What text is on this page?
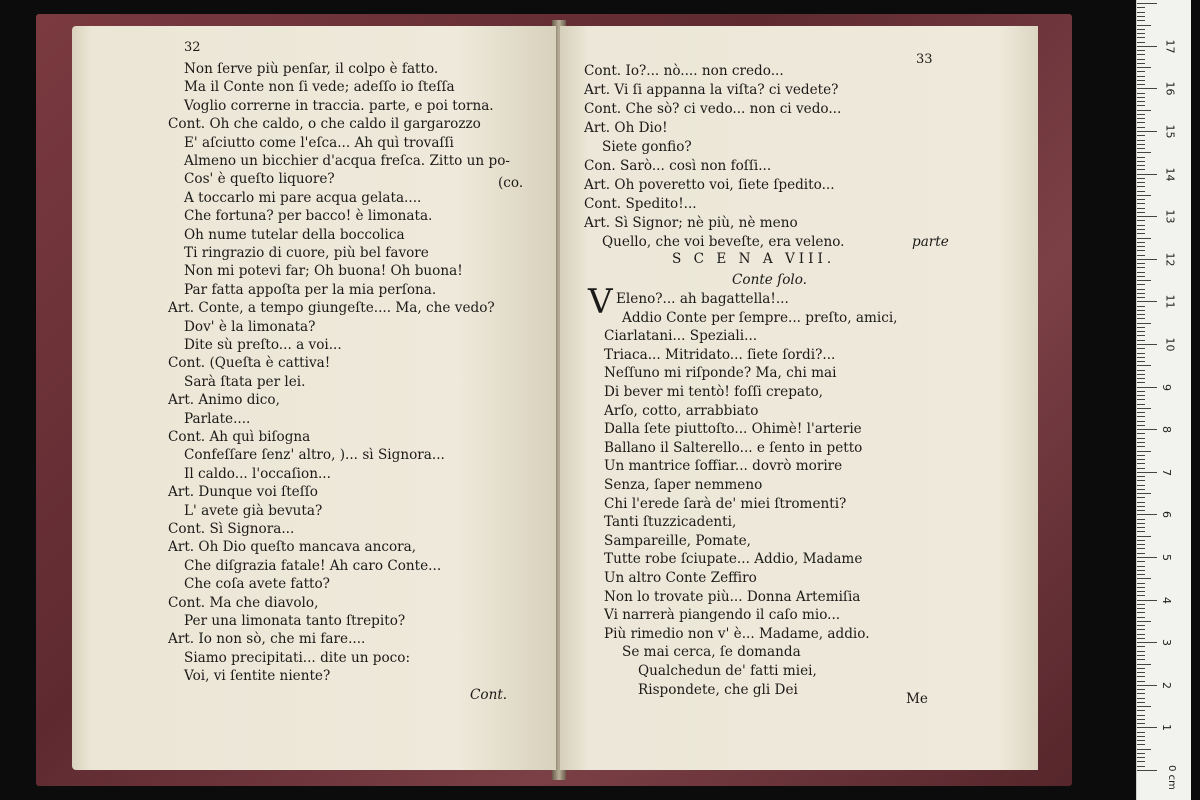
32
Non ſerve più penſar, il colpo è fatto.
Ma il Conte non ſi vede; adeſſo io ſteſſa
Voglio correrne in traccia. parte, e poi torna.
Cont. Oh che caldo, o che caldo il gargarozzo
E' aſciutto come l'eſca... Ah quì trovaſſi
Almeno un bicchier d'acqua freſca. Zitto un po-
Cos' è queſto liquore?
A toccarlo mi pare acqua gelata....
Che fortuna? per bacco! è limonata.
Oh nume tutelar della boccolica
Ti ringrazio di cuore, più bel favore
Non mi potevi far; Oh buona! Oh buona!
Par fatta appoſta per la mia perſona.
Art. Conte, a tempo giungeſte.... Ma, che vedo?
Dov' è la limonata?
Dite sù preſto... a voi...
Cont. (Queſta è cattiva!
Sarà ſtata per lei.
Art. Animo dico,
Parlate....
Cont. Ah quì biſogna
Confeſſare ſenz' altro, )... sì Signora...
Il caldo... l'occaſion...
Art. Dunque voi ſteſſo
L' avete già bevuta?
Cont. Sì Signora...
Art. Oh Dio queſto mancava ancora,
Che diſgrazia fatale! Ah caro Conte...
Che coſa avete fatto?
Cont. Ma che diavolo,
Per una limonata tanto ſtrepito?
Art. Io non sò, che mi fare....
Siamo precipitati... dite un poco:
Voi, vi ſentite niente?
(co.
Cont.
33
Cont. Io?... nò.... non credo...
Art. Vi ſi appanna la viſta? ci vedete?
Cont. Che sò? ci vedo... non ci vedo...
Art. Oh Dio!
Siete gonfio?
Con. Sarò... così non foſſi...
Art. Oh poveretto voi, ſiete ſpedito...
Cont. Spedito!...
Art. Sì Signor; nè più, nè meno
Quello, che voi beveſte, era veleno.	parte
S C E N A VIII.
Conte ſolo.
V Eleno?... ah bagattella!...
Addio Conte per ſempre... preſto, amici,
Ciarlatani... Speziali...
Triaca... Mitridato... ſiete ſordi?...
Neſſuno mi riſponde? Ma, chi mai
Di bever mi tentò! foſſi crepato,
Arſo, cotto, arrabbiato
Dalla ſete piuttoſto... Ohimè! l'arterie
Ballano il Salterello... e ſento in petto
Un mantrice ſoffiar... dovrò morire
Senza, ſaper nemmeno
Chi l'erede ſarà de' miei ſtromenti?
Tanti ſtuzzicadenti,
Sampareille, Pomate,
Tutte robe ſciupate... Addio, Madame
Un altro Conte Zeffiro
Non lo trovate più... Donna Artemiſia
Vi narrerà piangendo il caſo mio...
Più rimedio non v' è... Madame, addio.
Se mai cerca, ſe domanda
Qualchedun de' fatti miei,
Rispondete, che gli Dei
Me
1
2
3
4
5
6
7
8
9
10
11
12
13
14
15
16
17
0 cm
